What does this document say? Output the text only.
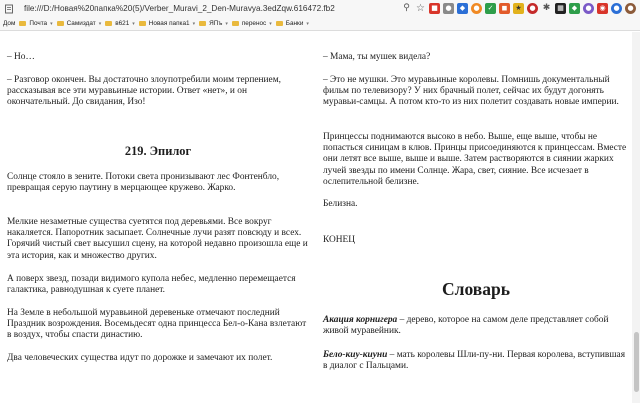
file:///D:/Новая%20папка%20(5)/Verber_Muravi_2_Den-Muravya.3edZqw.616472.fb2	⚲ ☆ ■	●	◆	●	✓	◼	★	● ✱ ▦	◆	●	◉	●	●
Дом Почта ▾ Самиздат ▾ в621 ▾ Новая папка1 ▾ ЯПъ ▾ перенос ▾ Банки ▾
– Но…
– Разговор окончен. Вы достаточно злоупотребили моим терпением, рассказывая все эти муравьиные истории. Ответ «нет», и он окончательный. До свидания, Изо!
219. Эпилог
Солнце стояло в зените. Потоки света пронизывают лес Фонтенбло, превращая серую паутину в мерцающее кружево. Жарко.
Мелкие незаметные существа суетятся под деревьями. Все вокруг накаляется. Папоротник засыпает. Солнечные лучи разят повсюду и всех. Горячий чистый свет высушил сцену, на которой недавно произошла еще и эта история, как и множество других.
А поверх звезд, позади видимого купола небес, медленно перемещается галактика, равнодушная к суете планет.
На Земле в небольшой муравьиной деревеньке отмечают последний Праздник возрождения. Восемьдесят одна принцесса Бел-о-Кана взлетают в воздух, чтобы спасти династию.
Два человеческих существа идут по дорожке и замечают их полет.
– Мама, ты мушек видела?
– Это не мушки. Это муравьиные королевы. Помнишь документальный фильм по телевизору? У них брачный полет, сейчас их будут догонять муравьи-самцы. А потом кто-то из них полетит создавать новые империи.
Принцессы поднимаются высоко в небо. Выше, еще выше, чтобы не попасться синицам в клюв. Принцы присоединяются к принцессам. Вместе они летят все выше, выше и выше. Затем растворяются в сиянии жарких лучей звезды по имени Солнце. Жара, свет, сияние. Все исчезает в ослепительной белизне.
Белизна.
КОНЕЦ
Словарь
Акация корнигера – дерево, которое на самом деле представляет собой живой муравейник.
Бело-киу-киуни – мать королевы Шли-пу-ни. Первая королева, вступившая в диалог с Пальцами.
